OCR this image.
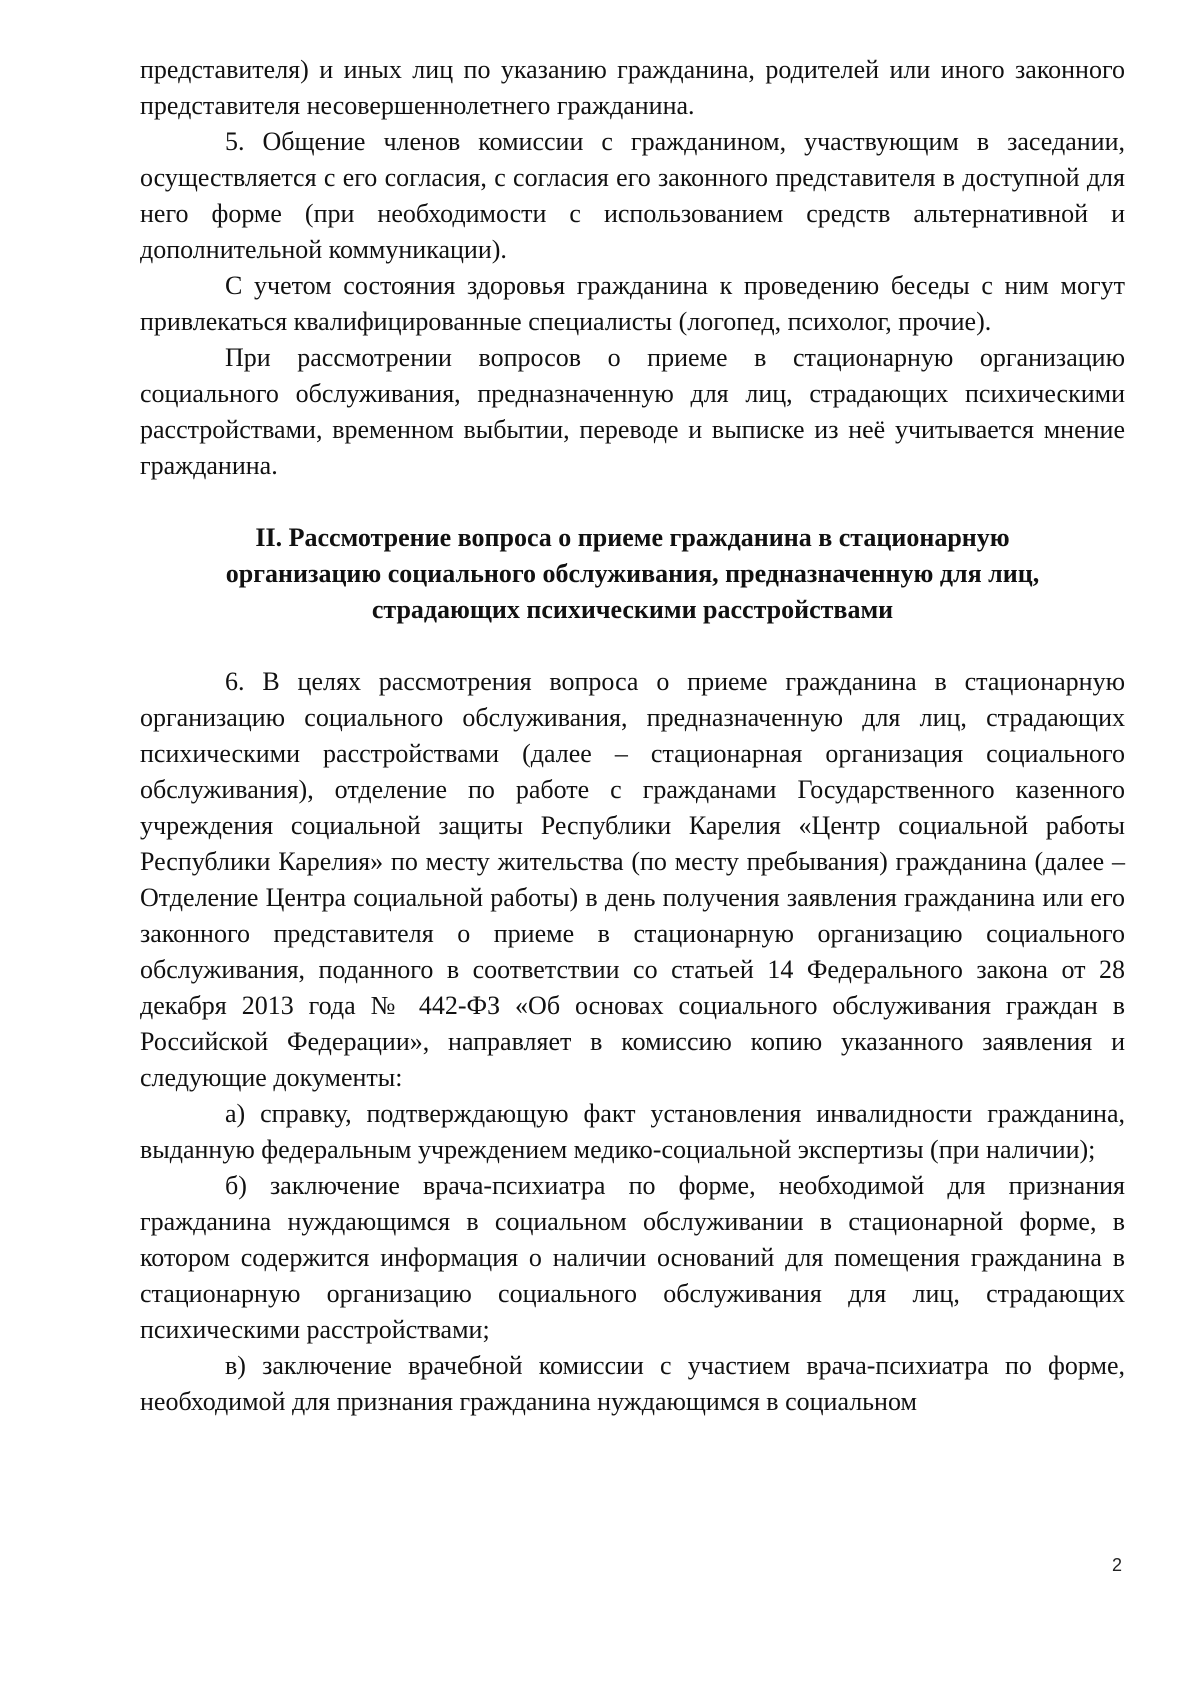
представителя) и иных лиц по указанию гражданина, родителей или иного законного представителя несовершеннолетнего гражданина.

5. Общение членов комиссии с гражданином, участвующим в заседании, осуществляется с его согласия, с согласия его законного представителя в доступной для него форме (при необходимости с использованием средств альтернативной и дополнительной коммуникации).

С учетом состояния здоровья гражданина к проведению беседы с ним могут привлекаться квалифицированные специалисты (логопед, психолог, прочие).

При рассмотрении вопросов о приеме в стационарную организацию социального обслуживания, предназначенную для лиц, страдающих психическими расстройствами, временном выбытии, переводе и выписке из неё учитывается мнение гражданина.

II. Рассмотрение вопроса о приеме гражданина в стационарную
организацию социального обслуживания, предназначенную для лиц,
страдающих психическими расстройствами

6. В целях рассмотрения вопроса о приеме гражданина в стационарную организацию социального обслуживания, предназначенную для лиц, страдающих психическими расстройствами (далее – стационарная организация социального обслуживания), отделение по работе с гражданами Государственного казенного учреждения социальной защиты Республики Карелия «Центр социальной работы Республики Карелия» по месту жительства (по месту пребывания) гражданина (далее – Отделение Центра социальной работы) в день получения заявления гражданина или его законного представителя о приеме в стационарную организацию социального обслуживания, поданного в соответствии со статьей 14 Федерального закона от 28 декабря 2013 года № 442-ФЗ «Об основах социального обслуживания граждан в Российской Федерации», направляет в комиссию копию указанного заявления и следующие документы:

а) справку, подтверждающую факт установления инвалидности гражданина, выданную федеральным учреждением медико-социальной экспертизы (при наличии);

б) заключение врача-психиатра по форме, необходимой для признания гражданина нуждающимся в социальном обслуживании в стационарной форме, в котором содержится информация о наличии оснований для помещения гражданина в стационарную организацию социального обслуживания для лиц, страдающих психическими расстройствами;

в) заключение врачебной комиссии с участием врача-психиатра по форме, необходимой для признания гражданина нуждающимся в социальном

2
